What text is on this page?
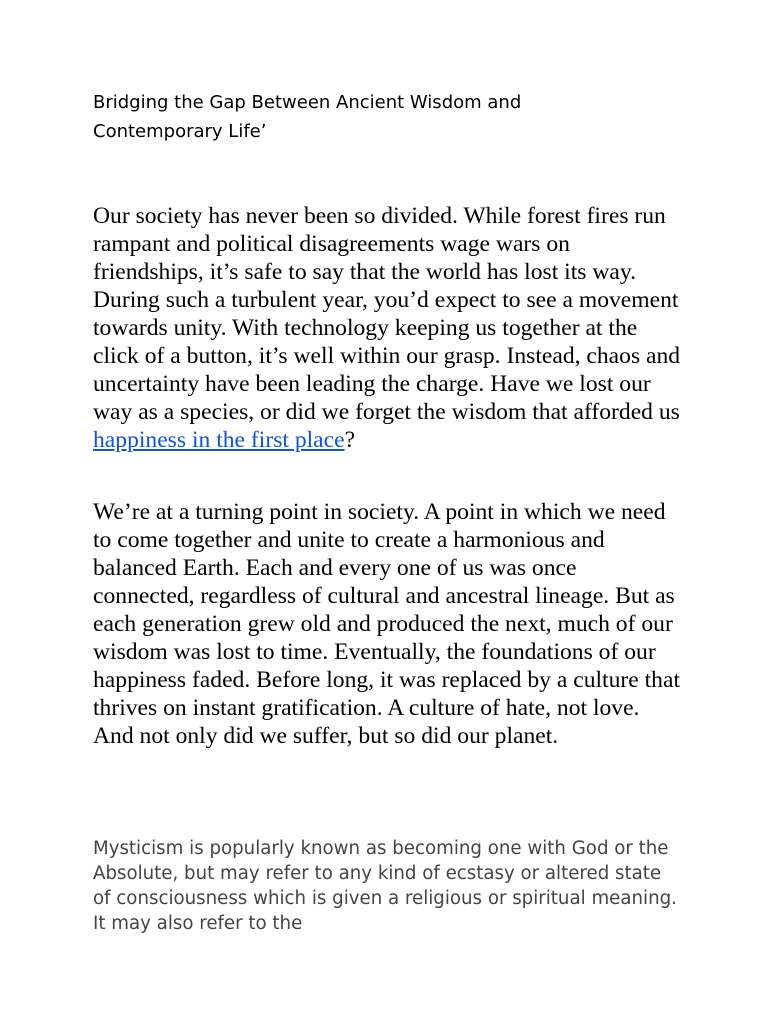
Bridging the Gap Between Ancient Wisdom and Contemporary Life’

Our society has never been so divided. While forest fires run rampant and political disagreements wage wars on friendships, it’s safe to say that the world has lost its way. During such a turbulent year, you’d expect to see a movement towards unity. With technology keeping us together at the click of a button, it’s well within our grasp. Instead, chaos and uncertainty have been leading the charge. Have we lost our way as a species, or did we forget the wisdom that afforded us happiness in the first place?

We’re at a turning point in society. A point in which we need to come together and unite to create a harmonious and balanced Earth. Each and every one of us was once connected, regardless of cultural and ancestral lineage. But as each generation grew old and produced the next, much of our wisdom was lost to time. Eventually, the foundations of our happiness faded. Before long, it was replaced by a culture that thrives on instant gratification. A culture of hate, not love. And not only did we suffer, but so did our planet.

Mysticism is popularly known as becoming one with God or the Absolute, but may refer to any kind of ecstasy or altered state of consciousness which is given a religious or spiritual meaning. It may also refer to the
